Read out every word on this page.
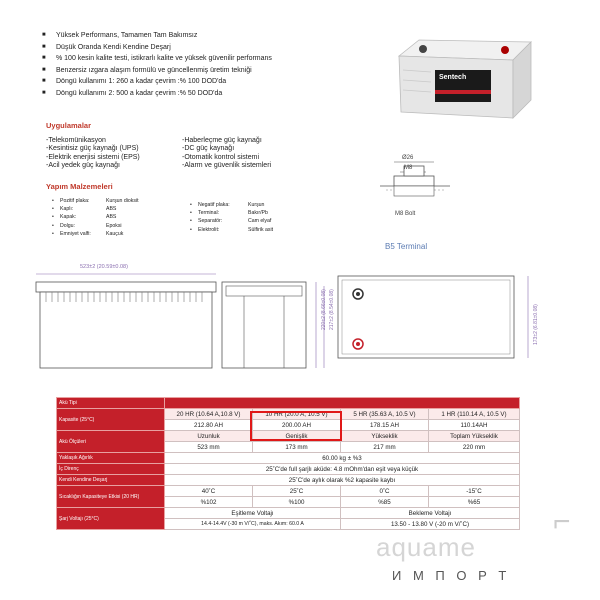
■ Yüksek Performans, Tamamen Tam Bakımsız
■ Düşük Oranda Kendi Kendine Deşarj
■ % 100 kesin kalite testi, istikrarlı kalite ve yüksek güvenilir performans
■ Benzersiz ızgara alaşım formülü ve güncellenmiş üretim tekniği
■ Döngü kullanımı 1: 260 a kadar çevrim :% 100 DOD'da
■ Döngü kullanımı 2: 500 a kadar çevrim :% 50 DOD'da
Sentech
Uygulamalar
-Telekomünikasyon
-Kesintisiz güç kaynağı (UPS)
-Elektrik enerjisi sistemi (EPS)
-Acil yedek güç kaynağı
-Haberleçme güç kaynağı
-DC güç kaynağı
-Otomatik kontrol sistemi
-Alarm ve güvenlik sistemleri
Yapım Malzemeleri
• Pozitif plaka:	Kurşun dioksit
• Kaplı:	ABS
• Kapak:	ABS
• Dolgu:	Epoksi
• Emniyet valfi:	Kauçuk
• Negatif plaka:	Kurşun
• Terminal:	Bakır/Pb
• Separatör:	Cam elyaf
• Elektrolit:	Sülfirik asit
Ø26
M8
M8 Bolt
B5 Terminal
523±2 (20.59±0.08)
220±2 (8.66±0.08) 217±2 (8.54±0.08)	173±2 (6.81±0.08)
Akü Tipi				
Kapasite (25°C)	20 HR (10.64 A,10.8 V)	10 HR (20.0 A, 10.5 V)	5 HR (35.63 A, 10.5 V)	1 HR (110.14 A, 10.5 V)
	212.80 AH	200.00 AH	178.15 AH	110.14AH
Akü Ölçüleri	Uzunluk	Genişlik	Yükseklik	Toplam Yükseklik
	523 mm	173 mm	217 mm	220 mm
Yaklaşık Ağırlık	60.00 kg ± %3			
İç Direnç	25˚C'de full şarjlı aküde: 4.8 mOhm'dan eşit veya küçük			
Kendi Kendine Deşarj	25˚C'de aylık olarak %2 kapasite kaybı			
Sıcaklığın Kapasiteye Etkisi (20 HR)	40˚C	25˚C	0˚C	-15˚C
	%102	%100	%85	%65
Şarj Voltajı (25°C)	Eşitleme Voltajı		Bekleme Voltajı	
	14.4-14.4V (-30 m V/˚C), maks. Akım: 60.0 A		13.50 - 13.80 V (-20 m V/˚C)	
aquame
⌐
И М П О Р Т
